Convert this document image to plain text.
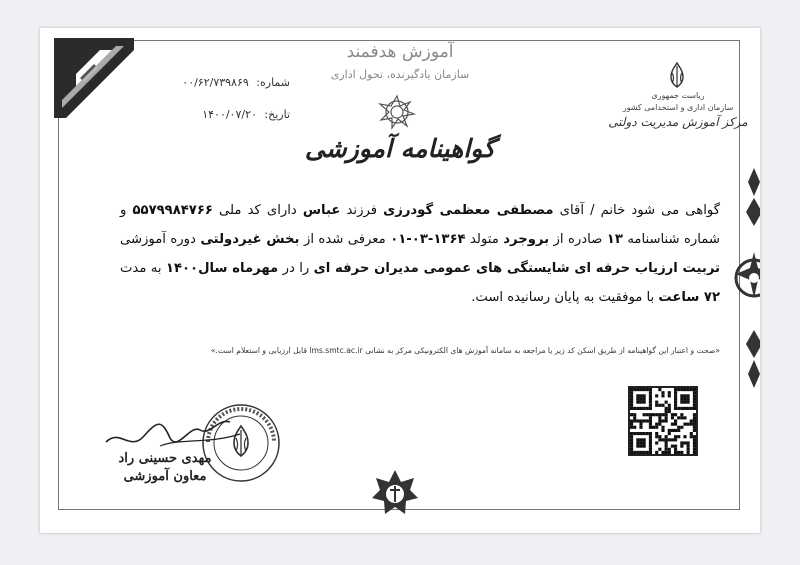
آموزش هدفمند
سازمان یادگیرنده، تحول اداری
گواهینامه آموزشی
ریاست جمهوری
سازمان اداری و استخدامی کشور
مرکز آموزش مدیریت دولتی
شماره: ۰۰/۶۲/۷۳۹۸۶۹
تاریخ: ۱۴۰۰/۰۷/۲۰
گواهی می شود خانم / آقای مصطفی معظمی گودرزی فرزند عباس دارای کد ملی ۵۵۷۹۹۸۴۷۶۶ و شماره شناسنامه ۱۳ صادره از بروجرد متولد ۱۳۶۴-۰۳-۰۱ معرفی شده از بخش غیردولتی دوره آموزشی تربیت ارزیاب حرفه ای شایستگی های عمومی مدیران حرفه ای را در مهرماه سال۱۴۰۰ به مدت ۷۲ ساعت با موفقیت به پایان رسانیده است.
«صحت و اعتبار این گواهینامه از طریق اسکن کد زیر یا مراجعه به سامانه آموزش های الکترونیکی مرکز به نشانی lms.smtc.ac.ir قابل ارزیابی و استعلام است.»
مهدی حسینی راد
معاون آموزشی
